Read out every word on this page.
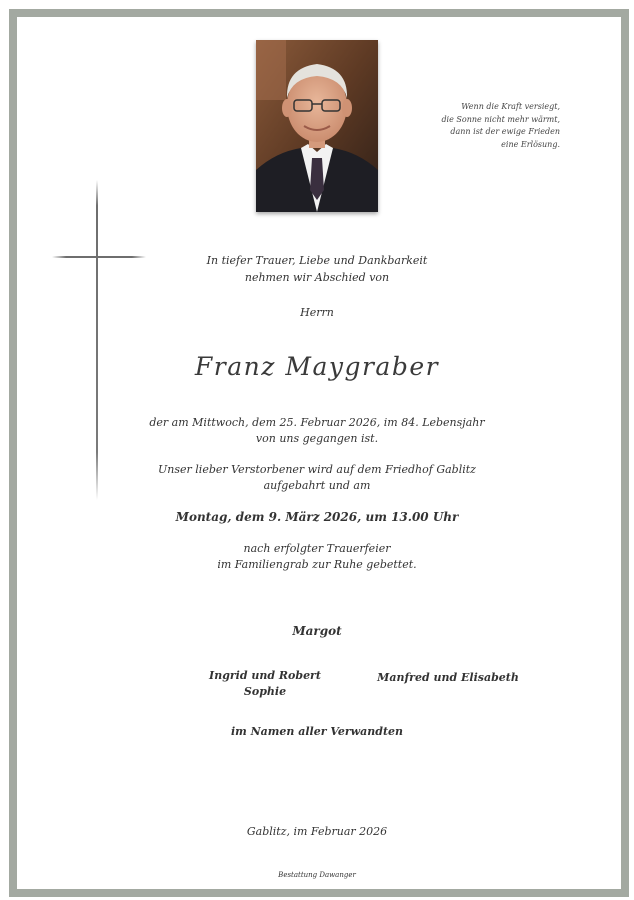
Wenn die Kraft versiegt,
die Sonne nicht mehr wärmt,
dann ist der ewige Frieden
eine Erlösung.
In tiefer Trauer, Liebe und Dankbarkeit
nehmen wir Abschied von
Herrn
Franz Maygraber
der am Mittwoch, dem 25. Februar 2026, im 84. Lebensjahr
von uns gegangen ist.
Unser lieber Verstorbener wird auf dem Friedhof Gablitz
aufgebahrt und am
Montag, dem 9. März 2026, um 13.00 Uhr
nach erfolgter Trauerfeier
im Familiengrab zur Ruhe gebettet.
Margot
Ingrid und Robert
Sophie
Manfred und Elisabeth
im Namen aller Verwandten
Gablitz, im Februar 2026
Bestattung Dawanger
